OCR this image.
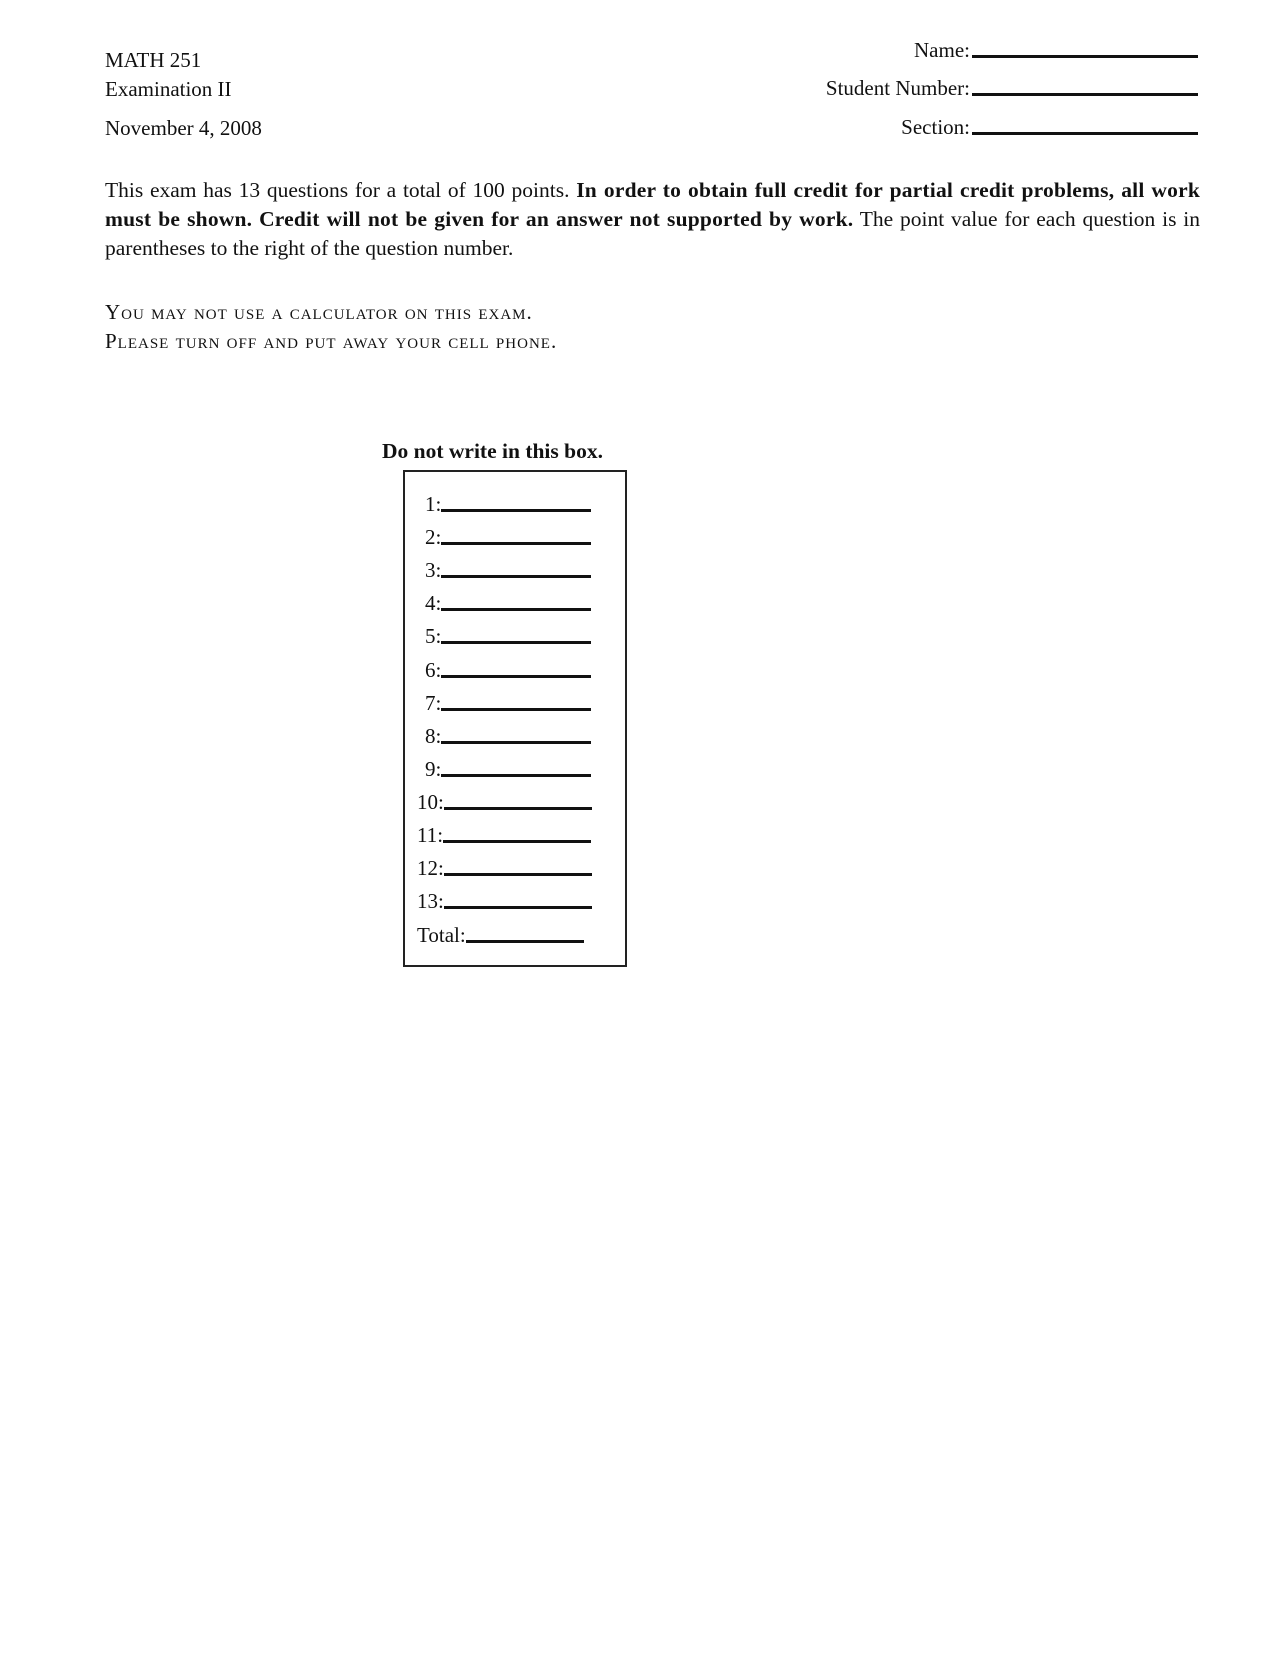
MATH 251
Examination II
November 4, 2008
Name:
Student Number:
Section:
This exam has 13 questions for a total of 100 points. In order to obtain full credit for partial credit problems, all work must be shown. Credit will not be given for an answer not supported by work. The point value for each question is in parentheses to the right of the question number.
You may not use a calculator on this exam.
Please turn off and put away your cell phone.
Do not write in this box.
1:
2:
3:
4:
5:
6:
7:
8:
9:
10:
11:
12:
13:
Total:
